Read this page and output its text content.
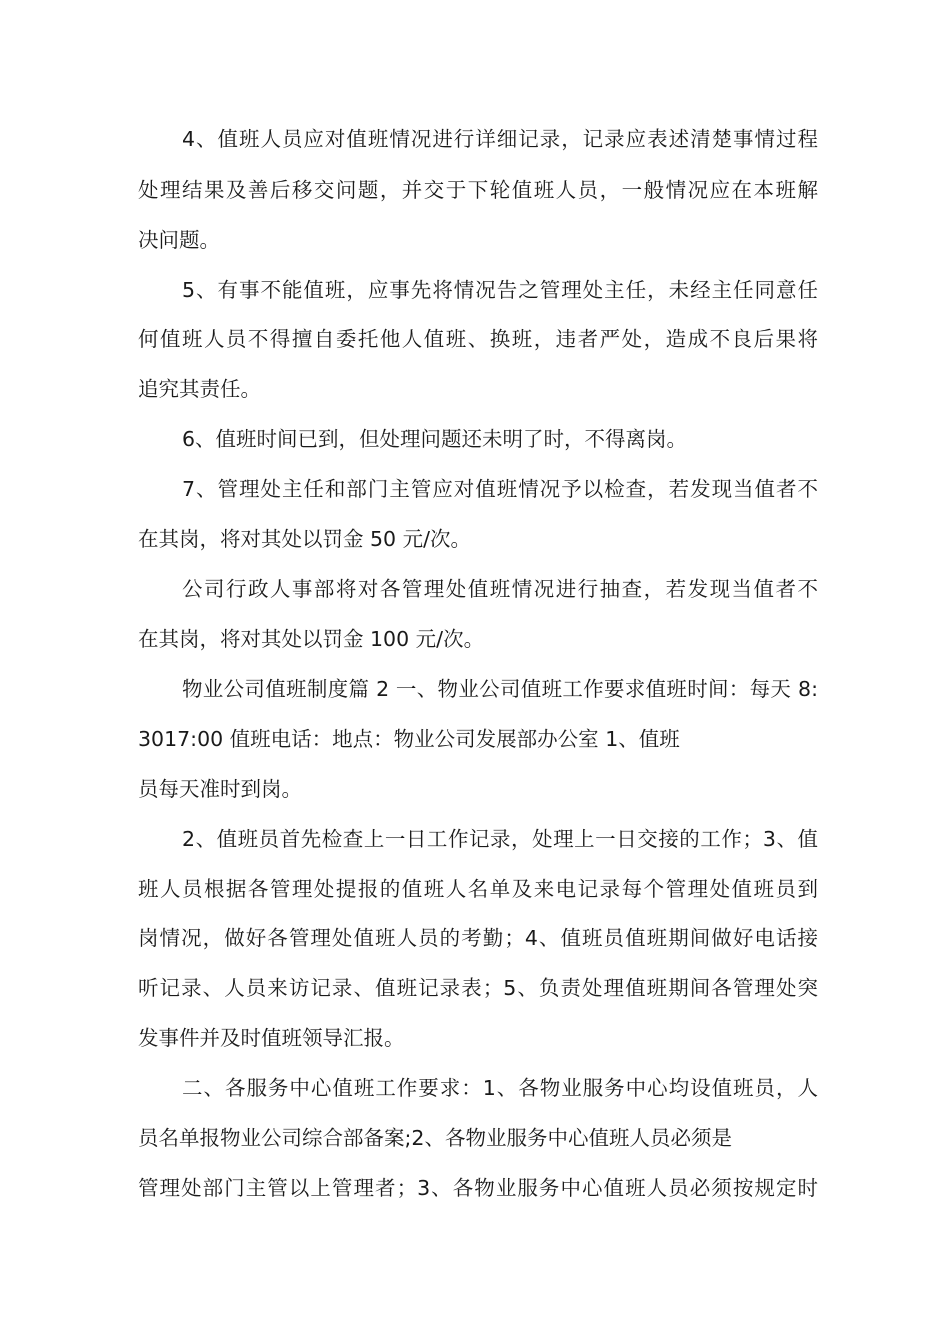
4、值班人员应对值班情况进行详细记录，记录应表述清楚事情过程
处理结果及善后移交问题，并交于下轮值班人员，一般情况应在本班解
决问题。
5、有事不能值班，应事先将情况告之管理处主任，未经主任同意任
何值班人员不得擅自委托他人值班、换班，违者严处，造成不良后果将
追究其责任。
6、值班时间已到，但处理问题还未明了时，不得离岗。
7、管理处主任和部门主管应对值班情况予以检查，若发现当值者不
在其岗，将对其处以罚金 50 元/次。
公司行政人事部将对各管理处值班情况进行抽查，若发现当值者不
在其岗，将对其处以罚金 100 元/次。
物业公司值班制度篇 2 一、物业公司值班工作要求值班时间：每天 8:
3017:00 值班电话：地点：物业公司发展部办公室 1、值班
员每天准时到岗。
2、值班员首先检查上一日工作记录，处理上一日交接的工作；3、值
班人员根据各管理处提报的值班人名单及来电记录每个管理处值班员到
岗情况，做好各管理处值班人员的考勤；4、值班员值班期间做好电话接
听记录、人员来访记录、值班记录表；5、负责处理值班期间各管理处突
发事件并及时值班领导汇报。
二、各服务中心值班工作要求：1、各物业服务中心均设值班员，人
员名单报物业公司综合部备案;2、各物业服务中心值班人员必须是
管理处部门主管以上管理者；3、各物业服务中心值班人员必须按规定时
